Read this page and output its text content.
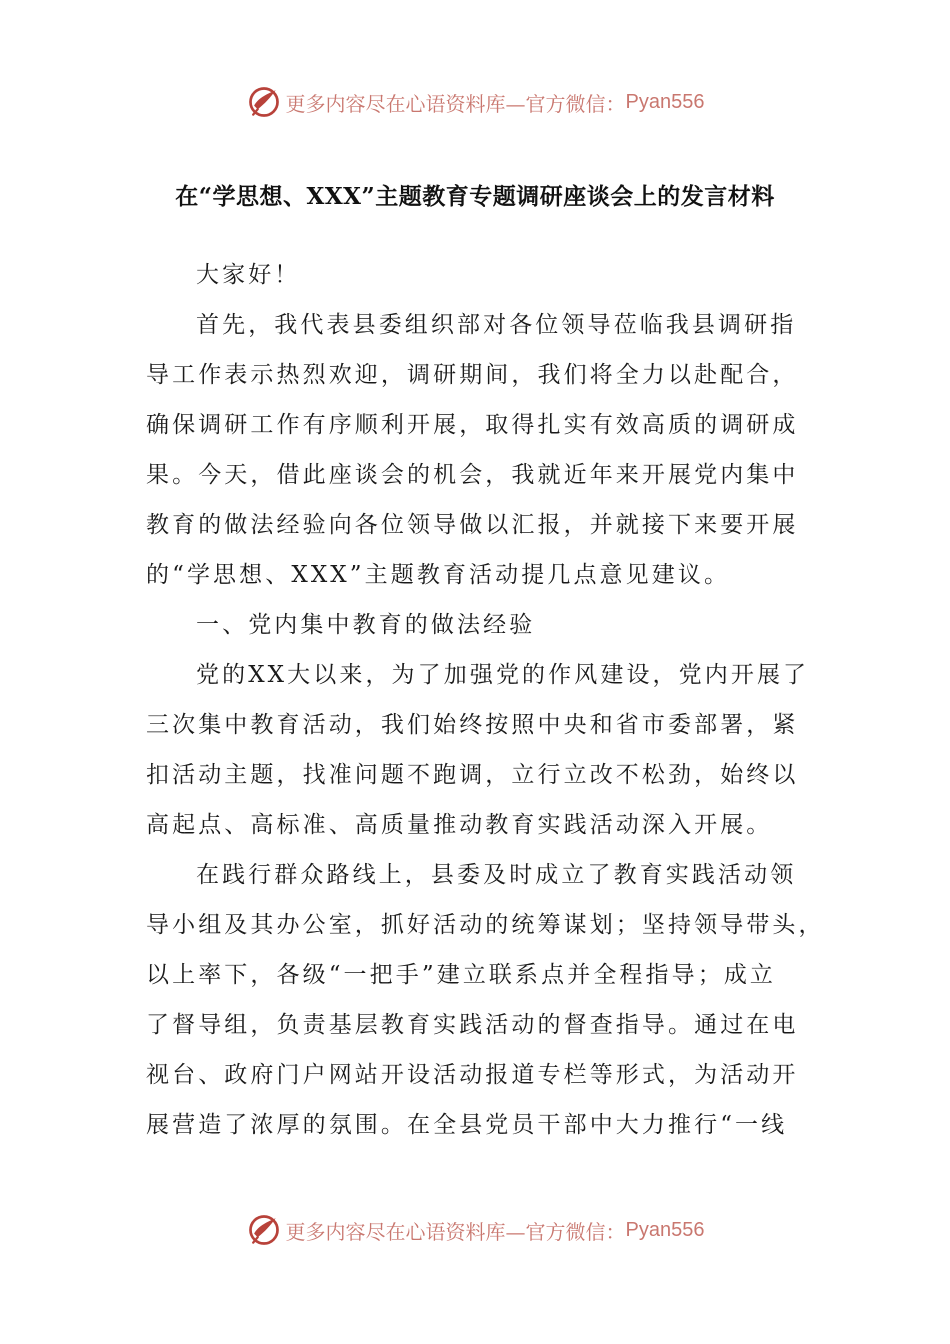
更多内容尽在心语资料库—官方微信： Pyan556
在“学思想、XXX”主题教育专题调研座谈会上的发言材料
大家好！
首先，我代表县委组织部对各位领导莅临我县调研指
导工作表示热烈欢迎，调研期间，我们将全力以赴配合，
确保调研工作有序顺利开展，取得扎实有效高质的调研成
果。今天，借此座谈会的机会，我就近年来开展党内集中
教育的做法经验向各位领导做以汇报，并就接下来要开展
的“学思想、XXX”主题教育活动提几点意见建议。
一、党内集中教育的做法经验
党的XX大以来，为了加强党的作风建设，党内开展了
三次集中教育活动，我们始终按照中央和省市委部署，紧
扣活动主题，找准问题不跑调，立行立改不松劲，始终以
高起点、高标准、高质量推动教育实践活动深入开展。
在践行群众路线上，县委及时成立了教育实践活动领
导小组及其办公室，抓好活动的统筹谋划；坚持领导带头，
以上率下，各级“一把手”建立联系点并全程指导；成立
了督导组，负责基层教育实践活动的督查指导。通过在电
视台、政府门户网站开设活动报道专栏等形式，为活动开
展营造了浓厚的氛围。在全县党员干部中大力推行“一线
更多内容尽在心语资料库—官方微信： Pyan556
